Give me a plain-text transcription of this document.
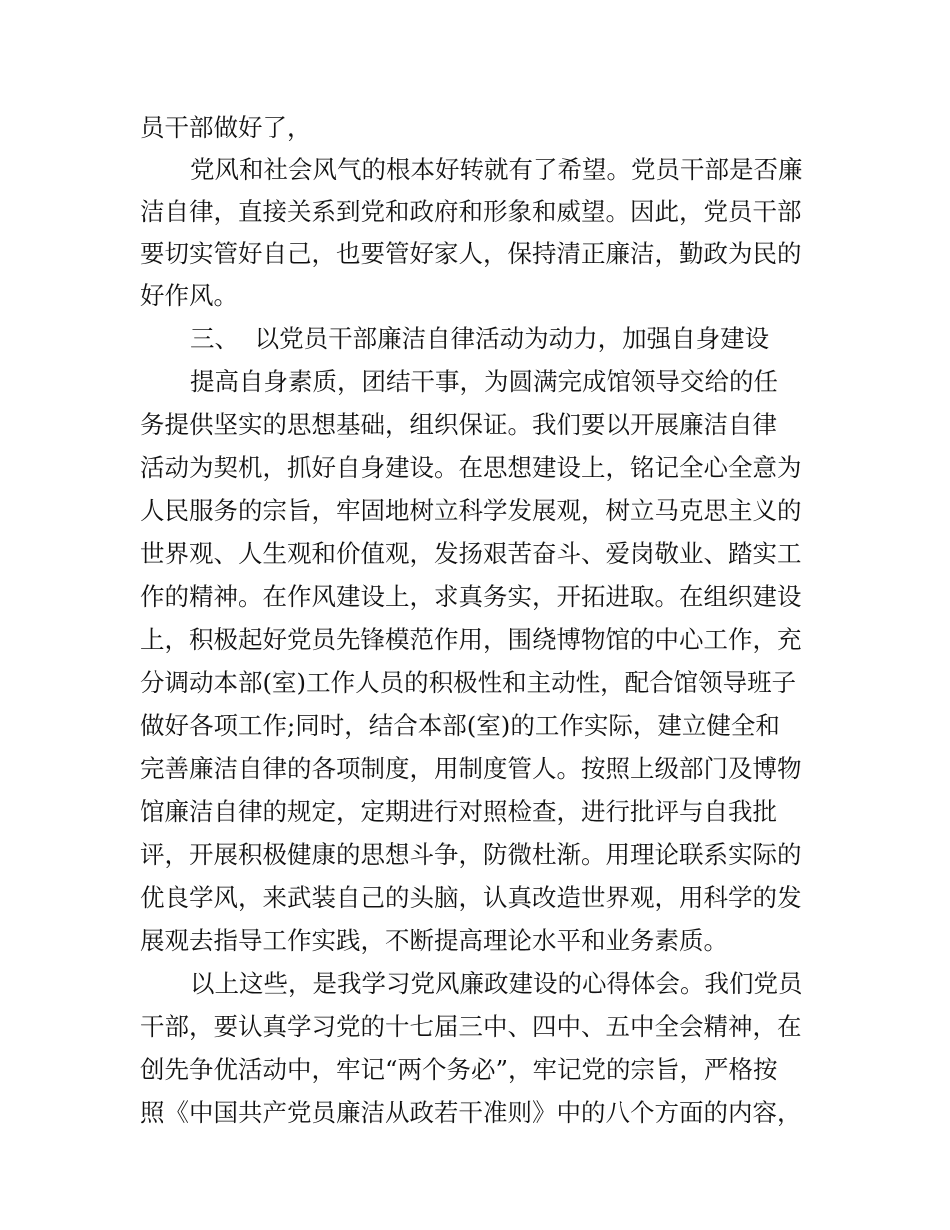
员干部做好了，
党风和社会风气的根本好转就有了希望。党员干部是否廉
洁自律，直接关系到党和政府和形象和威望。因此，党员干部
要切实管好自己，也要管好家人，保持清正廉洁，勤政为民的
好作风。
三、  以党员干部廉洁自律活动为动力，加强自身建设
提高自身素质，团结干事，为圆满完成馆领导交给的任
务提供坚实的思想基础，组织保证。我们要以开展廉洁自律
活动为契机，抓好自身建设。在思想建设上，铭记全心全意为
人民服务的宗旨，牢固地树立科学发展观，树立马克思主义的
世界观、人生观和价值观，发扬艰苦奋斗、爱岗敬业、踏实工
作的精神。在作风建设上，求真务实，开拓进取。在组织建设
上，积极起好党员先锋模范作用，围绕博物馆的中心工作，充
分调动本部(室)工作人员的积极性和主动性，配合馆领导班子
做好各项工作;同时，结合本部(室)的工作实际，建立健全和
完善廉洁自律的各项制度，用制度管人。按照上级部门及博物
馆廉洁自律的规定，定期进行对照检查，进行批评与自我批
评，开展积极健康的思想斗争，防微杜渐。用理论联系实际的
优良学风，来武装自己的头脑，认真改造世界观，用科学的发
展观去指导工作实践，不断提高理论水平和业务素质。
以上这些，是我学习党风廉政建设的心得体会。我们党员
干部，要认真学习党的十七届三中、四中、五中全会精神，在
创先争优活动中，牢记“两个务必”，牢记党的宗旨，严格按
照《中国共产党员廉洁从政若干准则》中的八个方面的内容，
